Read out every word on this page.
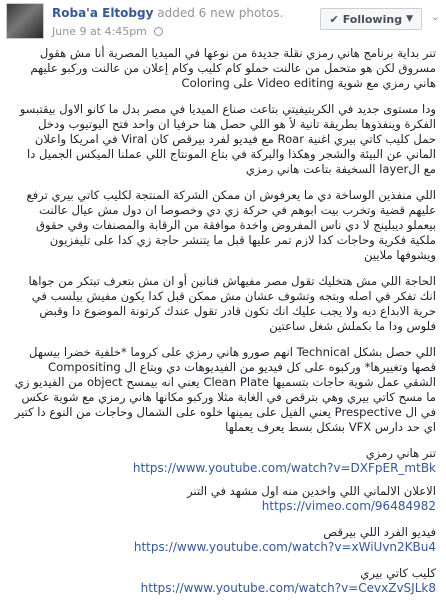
Roba'a Eltobgy added 6 new photos.
June 9 at 4:45pm
✔ Following ▼ ⌄

تنر بداية برنامج هاني رمزي نقلة جديدة من نوعها في الميديا المصرية أنا مش هقول مسروق لكن هو متحمل من عالنت حملو كام كليب وكام إعلان من عالنت وركبو عليهم هاني رمزي مع شوية Video editing على Coloring

ودا مستوى جديد في الكريتيفيتي بتاعت صناع الميديا في مصر بدل ما كانو الاول بيقتبسو الفكرة وينفذوها بطريقة تانية لأ هو اللي حصل هنا حرفيا ان واحد فتح اليوتيوب ودخل حمل كليب كاتي بيري اغنية Roar مع فيديو لفرد بيرقص كان Viral في امريكا واعلان الماني عن البيئة والشجر وهكذا والبركة في بتاع المونتاج اللي عملنا الميكس الجميل دا مع الlayer السخيفة بتاعت هاني رمزي

اللي منفذين الوساخة دي ما يعرفوش ان ممكن الشركة المنتجة لكليب كاتي بيري ترفع عليهم قضية وتخرب بيت ابوهم في حركة زي دي وخصوصا ان دول مش عيال عالنت بيعملو ديبلينج لا دي ناس المفروض واخدة موافقة من الرقابة والمصنفات وفي حقوق ملكية فكرية وحاجات كدا لازم تمر عليها قبل ما يتنشر حاجة زي كدا على تليفزيون ويشوفها ملايين

الحاجة اللي مش هتخليك تقول مصر مفيهاش فنانين أو ان مش بتعرف تبتكر من جواها انك تفكر في اصله وبتجه وتشوف عشان مش ممكن قبل كدا يكون مفيش بيلسب في حرية الابداع ديه ولا يجب عليك انك تكون قادر تقول عندك كرتونة الموضوع دا وقبض فلوس ودا ما بكملش شغل ساعتين

اللي حصل بشكل Technical انهم صورو هاني رمزي على كروما *خلفية خضرا بيسهل قصها وتغييرها* وركبوه على كل فيديو من الفيديوهات دي وبتاع ال Compositing الشقي عمل شوية حاجات بتسميها Clean Plate يعني انه بيمسح object من الفيديو زي ما مسح كاتي بيري وهي بترقص في الغابة مثلا وركبو مكانها هاني رمزي مع شوية عكس في ال Prespective يعني الفيل على يمينها خلوه على الشمال وحاجات من النوع دا كتير اي حد دارس VFX بشكل بسط يعرف يعملها

تنر هاني رمزي
https://www.youtube.com/watch?v=DXFpER_mtBk
الاعلان الالماني اللي واخدين منه اول مشهد في التنر
https://vimeo.com/96484982
فيديو الفرد اللي بيرقص
https://www.youtube.com/watch?v=xWiUvn2KBu4
كليب كاتي بيري
https://www.youtube.com/watch?v=CevxZvSJLk8
